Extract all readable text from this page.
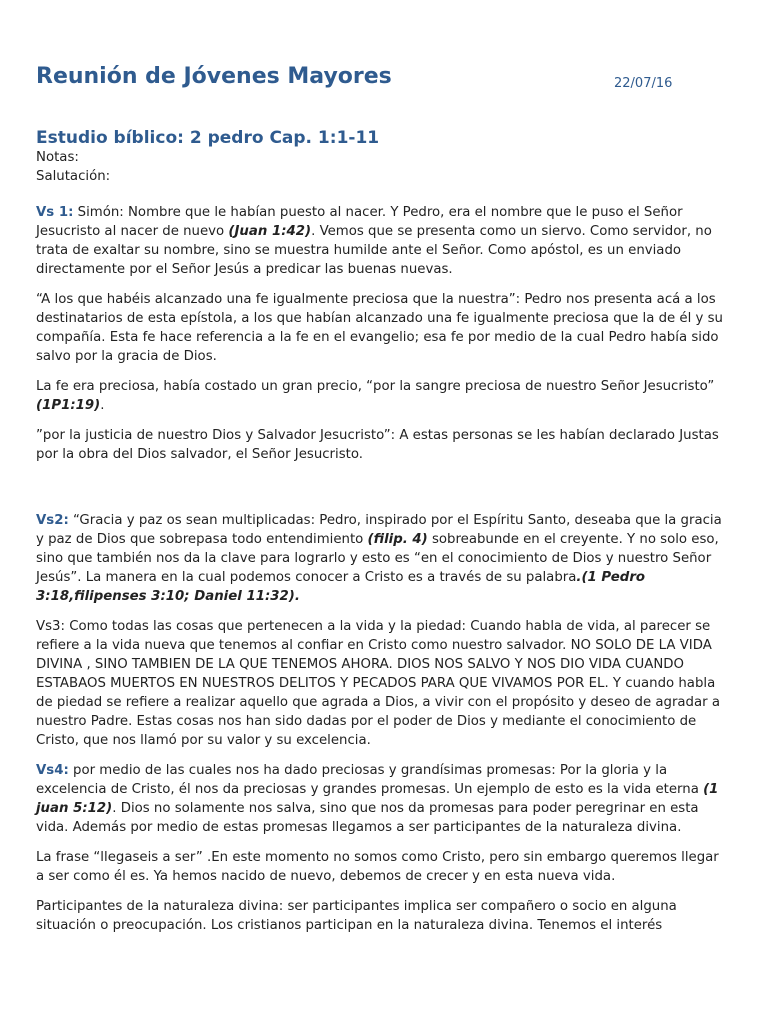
Reunión de Jóvenes Mayores	22/07/16
Estudio bíblico: 2 pedro Cap. 1:1-11

Notas:

Salutación:

Vs 1: Simón: Nombre que le habían puesto al nacer. Y Pedro, era el nombre que le puso el Señor Jesucristo al nacer de nuevo (Juan 1:42). Vemos que se presenta como un siervo. Como servidor, no trata de exaltar su nombre, sino se muestra humilde ante el Señor. Como apóstol, es un enviado directamente por el Señor Jesús a predicar las buenas nuevas.

“A los que habéis alcanzado una fe igualmente preciosa que la nuestra”: Pedro nos presenta acá a los destinatarios de esta epístola, a los que habían alcanzado una fe igualmente preciosa que la de él y su compañía. Esta fe hace referencia a la fe en el evangelio; esa fe por medio de la cual Pedro había sido salvo por la gracia de Dios.

La fe era preciosa, había costado un gran precio, “por la sangre preciosa de nuestro Señor Jesucristo” (1P1:19).

”por la justicia de nuestro Dios y Salvador Jesucristo”: A estas personas se les habían declarado Justas por la obra del Dios salvador, el Señor Jesucristo.

Vs2: “Gracia y paz os sean multiplicadas: Pedro, inspirado por el Espíritu Santo, deseaba que la gracia y paz de Dios que sobrepasa todo entendimiento (filip. 4) sobreabunde en el creyente. Y no solo eso, sino que también nos da la clave para lograrlo y esto es “en el conocimiento de Dios y nuestro Señor Jesús”. La manera en la cual podemos conocer a Cristo es a través de su palabra.(1 Pedro 3:18,filipenses 3:10; Daniel 11:32).

Vs3: Como todas las cosas que pertenecen a la vida y la piedad: Cuando habla de vida, al parecer se refiere a la vida nueva que tenemos al confiar en Cristo como nuestro salvador. NO SOLO DE LA VIDA DIVINA , SINO TAMBIEN DE LA QUE TENEMOS AHORA. DIOS NOS SALVO Y NOS DIO VIDA CUANDO ESTABAOS MUERTOS EN NUESTROS DELITOS Y PECADOS PARA QUE VIVAMOS POR EL. Y cuando habla de piedad se refiere a realizar aquello que agrada a Dios, a vivir con el propósito y deseo de agradar a nuestro Padre. Estas cosas nos han sido dadas por el poder de Dios y mediante el conocimiento de Cristo, que nos llamó por su valor y su excelencia.

Vs4: por medio de las cuales nos ha dado preciosas y grandísimas promesas: Por la gloria y la excelencia de Cristo, él nos da preciosas y grandes promesas. Un ejemplo de esto es la vida eterna (1 juan 5:12). Dios no solamente nos salva, sino que nos da promesas para poder peregrinar en esta vida. Además por medio de estas promesas llegamos a ser participantes de la naturaleza divina.

La frase “llegaseis a ser” .En este momento no somos como Cristo, pero sin embargo queremos llegar a ser como él es. Ya hemos nacido de nuevo, debemos de crecer y en esta nueva vida.

Participantes de la naturaleza divina: ser participantes implica ser compañero o socio en alguna situación o preocupación. Los cristianos participan en la naturaleza divina. Tenemos el interés
